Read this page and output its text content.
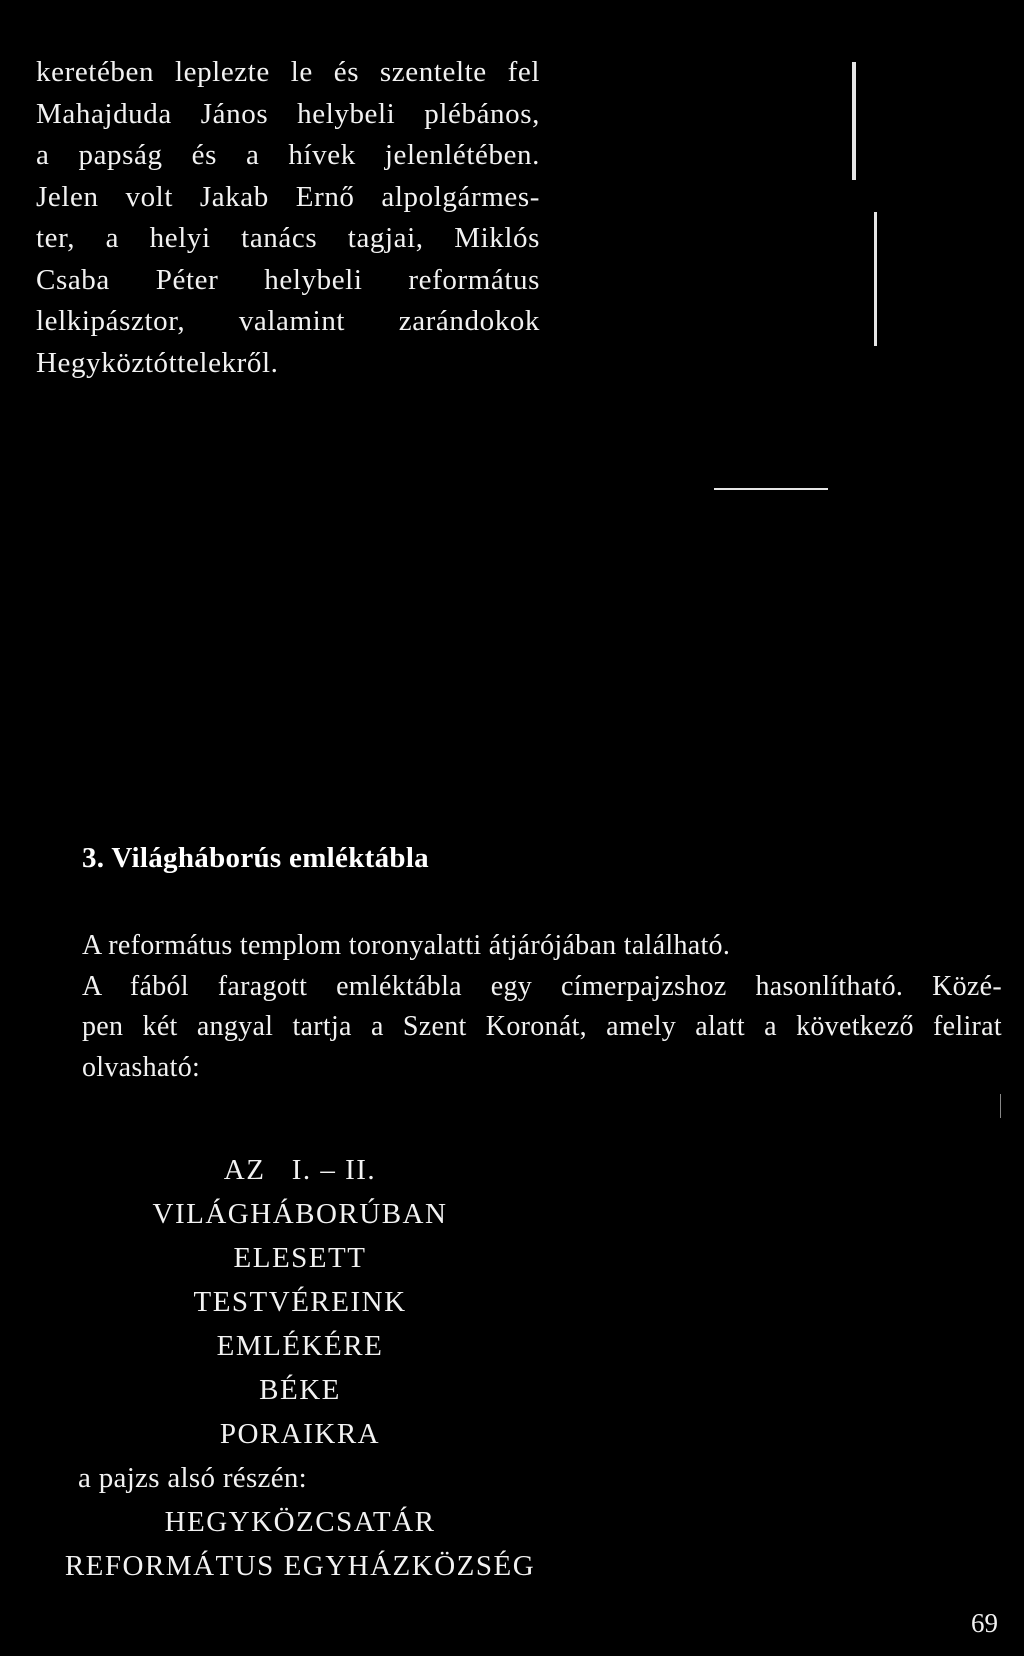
keretében leplezte le és szentelte fel
Mahajduda János helybeli plébános,
a papság és a hívek jelenlétében.
Jelen volt Jakab Ernő alpolgármes-
ter, a helyi tanács tagjai, Miklós
Csaba Péter helybeli református
lelkipásztor, valamint zarándokok
Hegyköztóttelekről.
3. Világháborús emléktábla
A református templom toronyalatti átjárójában található.
A fából faragott emléktábla egy címerpajzshoz hasonlítható. Közé-
pen két angyal tartja a Szent Koronát, amely alatt a következő felirat
olvasható:
AZ   I. – II.
VILÁGHÁBORÚBAN
ELESETT
TESTVÉREINK
EMLÉKÉRE
BÉKE
PORAIKRA
a pajzs alsó részén:
HEGYKÖZCSATÁR
REFORMÁTUS EGYHÁZKÖZSÉG
69
